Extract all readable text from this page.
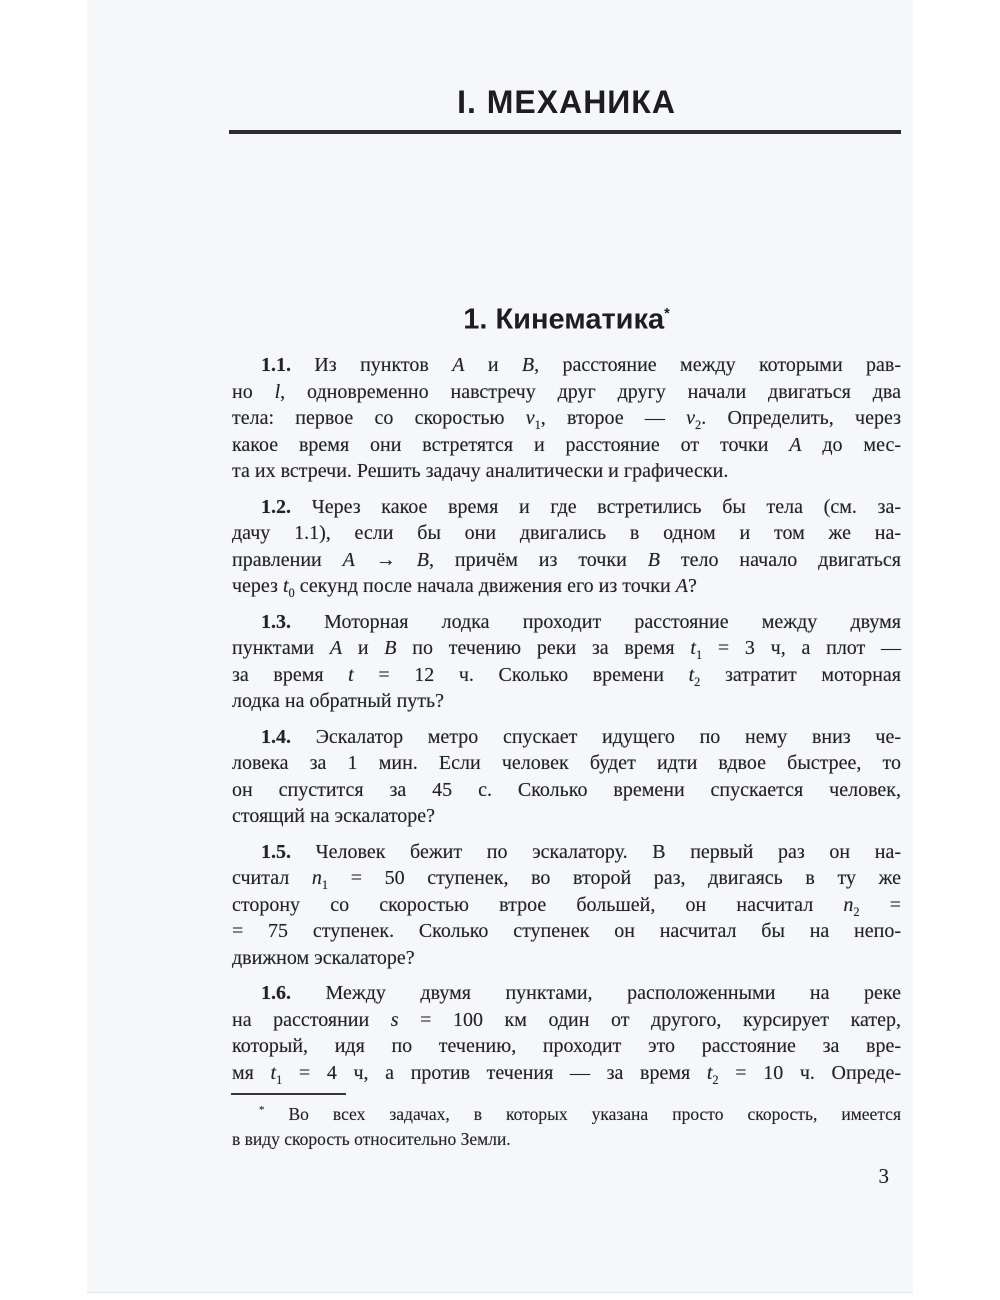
I. МЕХАНИКА
1. Кинематика*

1.1. Из пунктов A и B, расстояние между которыми рав-
но l, одновременно навстречу друг другу начали двигаться два
тела: первое со скоростью $v_1$, второе — $v_2$. Определить, через
какое время они встретятся и расстояние от точки A до мес-
та их встречи. Решить задачу аналитически и графически.

1.2. Через какое время и где встретились бы тела (см. за-
дачу 1.1), если бы они двигались в одном и том же на-
правлении A → B, причём из точки B тело начало двигаться
через $t_0$ секунд после начала движения его из точки A?

1.3. Моторная лодка проходит расстояние между двумя
пунктами A и B по течению реки за время $t_1 = 3$ ч, а плот —
за время t = 12 ч. Сколько времени $t_2$ затратит моторная
лодка на обратный путь?

1.4. Эскалатор метро спускает идущего по нему вниз че-
ловека за 1 мин. Если человек будет идти вдвое быстрее, то
он спустится за 45 с. Сколько времени спускается человек,
стоящий на эскалаторе?

1.5. Человек бежит по эскалатору. В первый раз он на-
считал $n_1 = 50$ ступенек, во второй раз, двигаясь в ту же
сторону со скоростью втрое большей, он насчитал $n_2$ =
= 75 ступенек. Сколько ступенек он насчитал бы на непо-
движном эскалаторе?

1.6. Между двумя пунктами, расположенными на реке
на расстоянии s = 100 км один от другого, курсирует катер,
который, идя по течению, проходит это расстояние за вре-
мя $t_1 = 4$ ч, а против течения — за время $t_2 = 10$ ч. Опреде-

* Во всех задачах, в которых указана просто скорость, имеется
в виду скорость относительно Земли.
3
